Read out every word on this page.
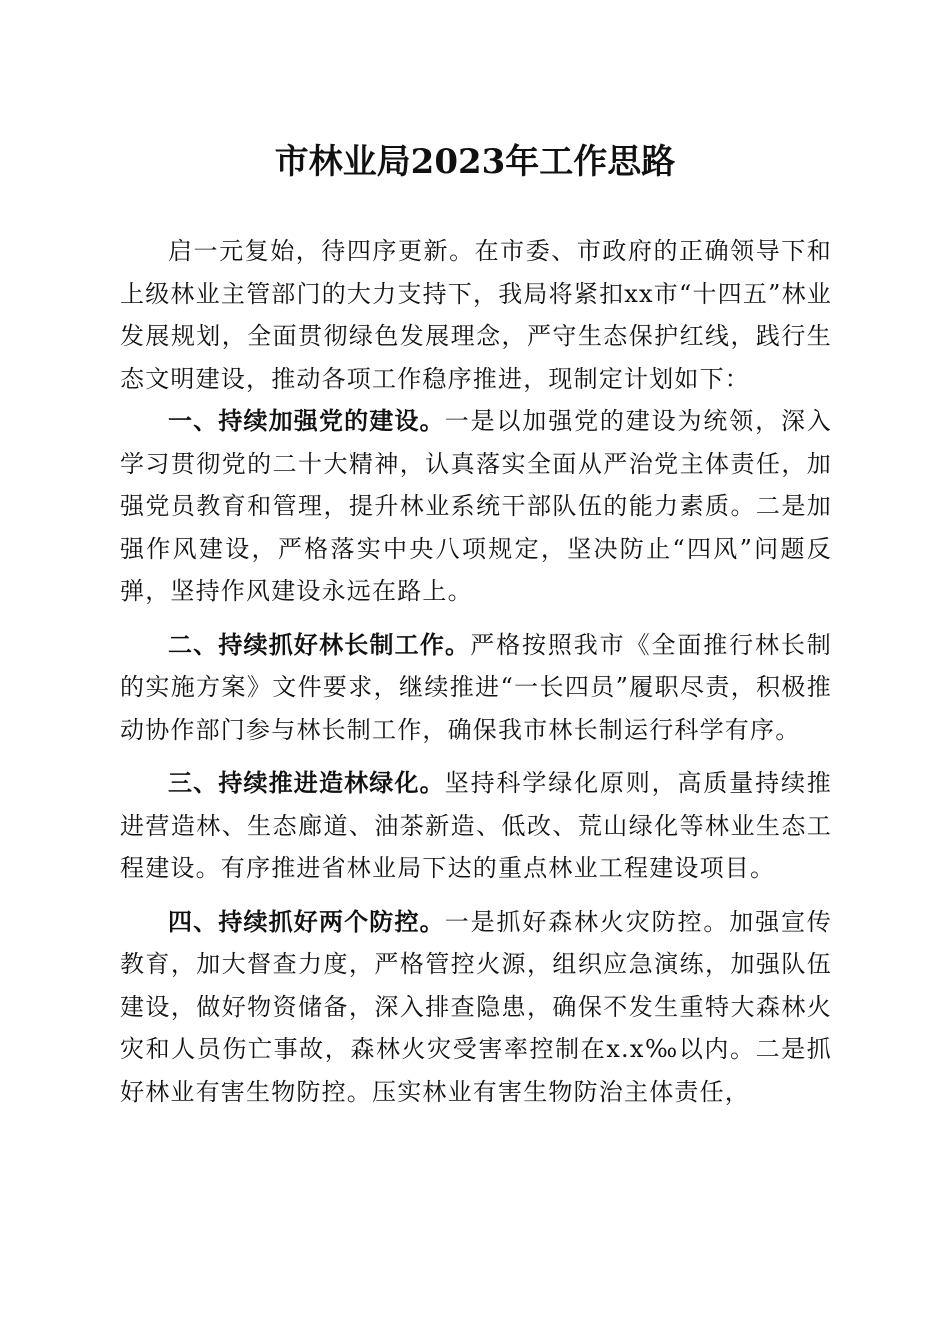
市林业局2023年工作思路

启一元复始，待四序更新。在市委、市政府的正确领导下和上级林业主管部门的大力支持下，我局将紧扣xx市“十四五”林业发展规划，全面贯彻绿色发展理念，严守生态保护红线，践行生态文明建设，推动各项工作稳序推进，现制定计划如下：

一、持续加强党的建设。一是以加强党的建设为统领，深入学习贯彻党的二十大精神，认真落实全面从严治党主体责任，加强党员教育和管理，提升林业系统干部队伍的能力素质。二是加强作风建设，严格落实中央八项规定，坚决防止“四风”问题反弹，坚持作风建设永远在路上。

二、持续抓好林长制工作。严格按照我市《全面推行林长制的实施方案》文件要求，继续推进“一长四员”履职尽责，积极推动协作部门参与林长制工作，确保我市林长制运行科学有序。

三、持续推进造林绿化。坚持科学绿化原则，高质量持续推进营造林、生态廊道、油茶新造、低改、荒山绿化等林业生态工程建设。有序推进省林业局下达的重点林业工程建设项目。

四、持续抓好两个防控。一是抓好森林火灾防控。加强宣传教育，加大督查力度，严格管控火源，组织应急演练，加强队伍建设，做好物资储备，深入排查隐患，确保不发生重特大森林火灾和人员伤亡事故，森林火灾受害率控制在x.x‰以内。二是抓好林业有害生物防控。压实林业有害生物防治主体责任，
